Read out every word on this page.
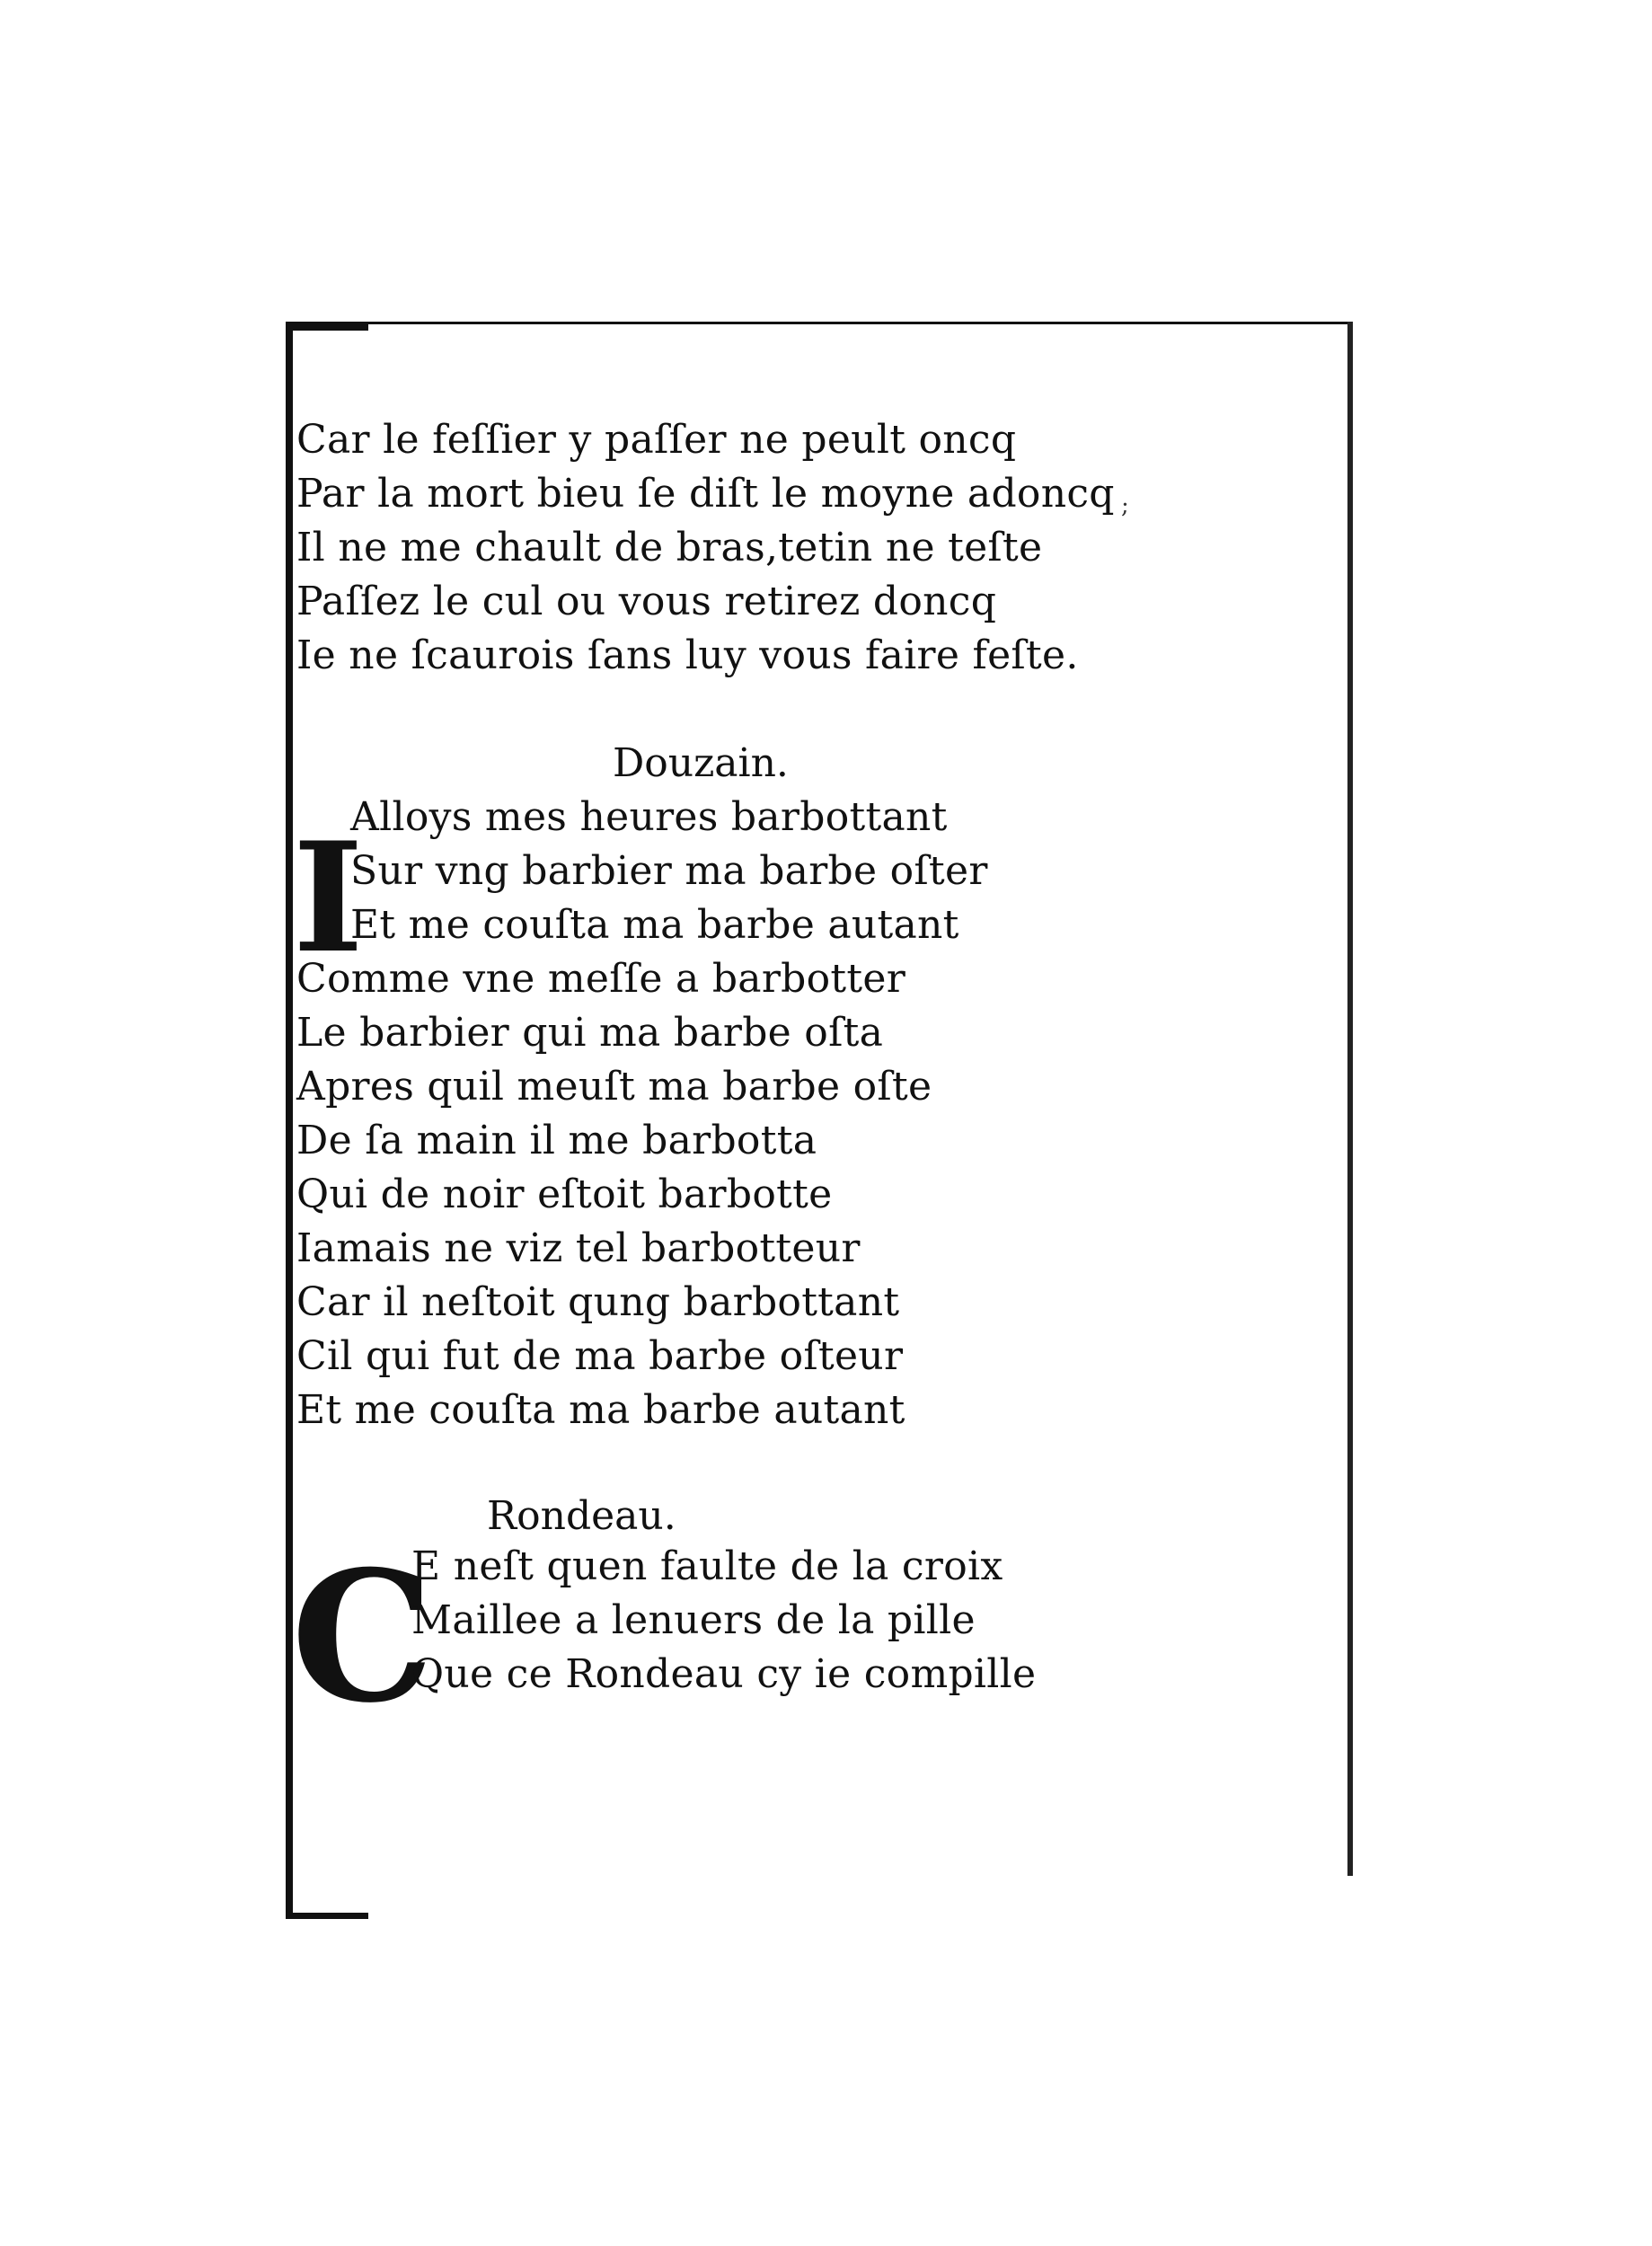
;
Car le feſſier y paſſer ne peult oncq
Par la mort bieu ſe diſt le moyne adoncq
Il ne me chault de bras,tetin ne teſte
Paſſez le cul ou vous retirez doncq
Ie ne ſcaurois ſans luy vous faire feſte.
Douzain.
I
Alloys mes heures barbottant
Sur vng barbier ma barbe oſter
Et me couſta ma barbe autant
Comme vne meſſe a barbotter
Le barbier qui ma barbe oſta
Apres quil meuſt ma barbe oſte
De ſa main il me barbotta
Qui de noir eſtoit barbotte
Iamais ne viz tel barbotteur
Car il neſtoit qung barbottant
Cil qui fut de ma barbe oſteur
Et me couſta ma barbe autant
Rondeau.
C
E neſt quen faulte de la croix
Maillee a lenuers de la pille
Que ce Rondeau cy ie compille
